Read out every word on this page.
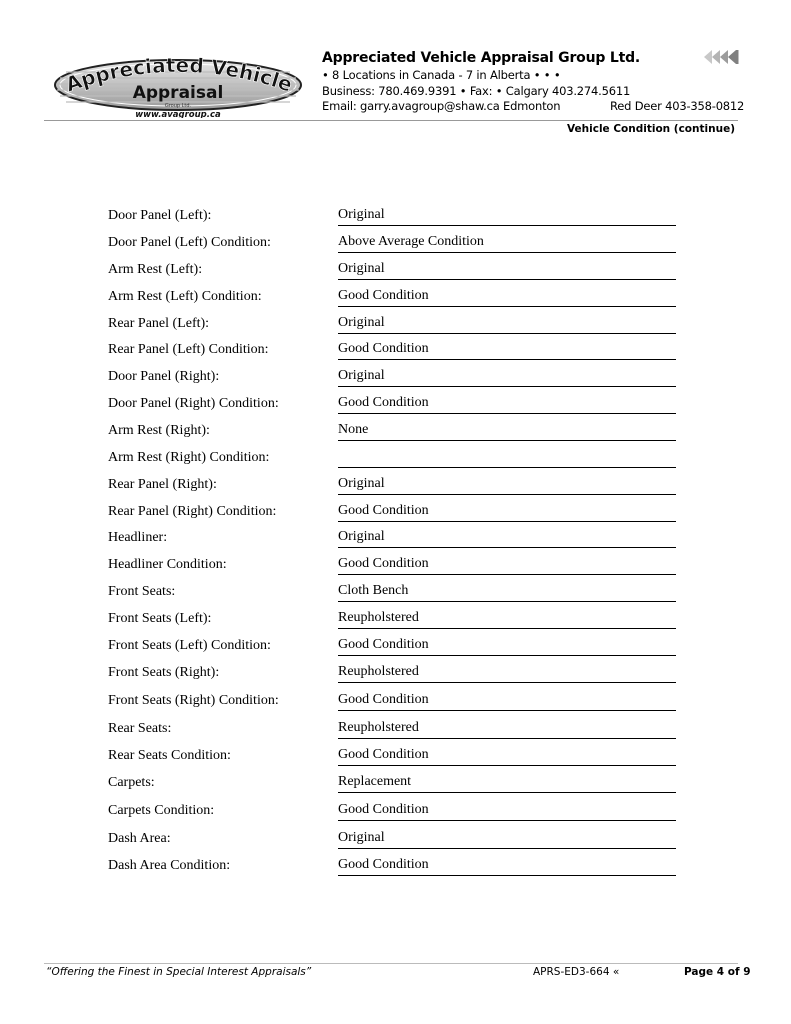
Appreciated Vehicle
Appraisal
Group Ltd.
www.avagroup.ca
Appreciated Vehicle Appraisal Group Ltd.
• 8 Locations in Canada - 7 in Alberta • • •
Business: 780.469.9391 • Fax: • Calgary 403.274.5611
Email: garry.avagroup@shaw.ca Edmonton	Red Deer 403-358-0812
Vehicle Condition (continue)
Door Panel (Left):	Original
Door Panel (Left) Condition:	Above Average Condition
Arm Rest (Left):	Original
Arm Rest (Left) Condition:	Good Condition
Rear Panel (Left):	Original
Rear Panel (Left) Condition:	Good Condition
Door Panel (Right):	Original
Door Panel (Right) Condition:	Good Condition
Arm Rest (Right):	None
Arm Rest (Right) Condition:
Rear Panel (Right):	Original
Rear Panel (Right) Condition:	Good Condition
Headliner:	Original
Headliner Condition:	Good Condition
Front Seats:	Cloth Bench
Front Seats (Left):	Reupholstered
Front Seats (Left) Condition:	Good Condition
Front Seats (Right):	Reupholstered
Front Seats (Right) Condition:	Good Condition
Rear Seats:	Reupholstered
Rear Seats Condition:	Good Condition
Carpets:	Replacement
Carpets Condition:	Good Condition
Dash Area:	Original
Dash Area Condition:	Good Condition
“Offering the Finest in Special Interest Appraisals”	APRS-ED3-664 «	Page 4 of 9
